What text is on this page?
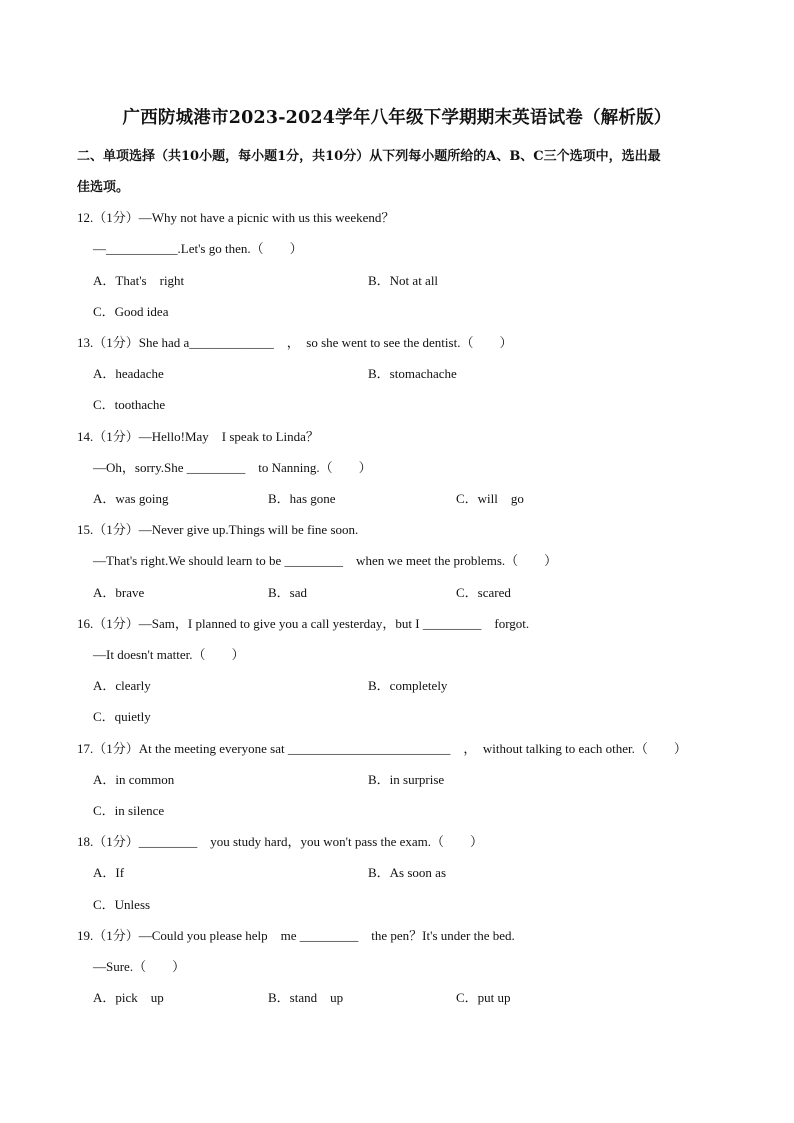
广西防城港市2023-2024学年八年级下学期期末英语试卷（解析版）
二、单项选择（共10小题，每小题1分，共10分）从下列每小题所给的A、B、C三个选项中，选出最
佳选项。
12.（1分）—Why not have a picnic with us this weekend？
—___________.Let's go then.（　　）
A．That's　right	B．Not at all
C．Good idea
13.（1分）She had a_____________　，　so she went to see the dentist.（　　）
A．headache	B．stomachache
C．toothache
14.（1分）—Hello!May　I speak to Linda？
—Oh，sorry.She _________　to Nanning.（　　）
A．was going	B．has gone	C．will　go
15.（1分）—Never give up.Things will be fine soon.
—That's right.We should learn to be _________　when we meet the problems.（　　）
A．brave	B．sad	C．scared
16.（1分）—Sam，I planned to give you a call yesterday，but I _________　forgot.
—It doesn't matter.（　　）
A．clearly	B．completely
C．quietly
17.（1分）At the meeting everyone sat _________________________　，　without talking to each other.（　　）
A．in common	B．in surprise
C．in silence
18.（1分）_________　you study hard，you won't pass the exam.（　　）
A．If	B．As soon as
C．Unless
19.（1分）—Could you please help　me _________　the pen？It's under the bed.
—Sure.（　　）
A．pick　up	B．stand　up	C．put up
